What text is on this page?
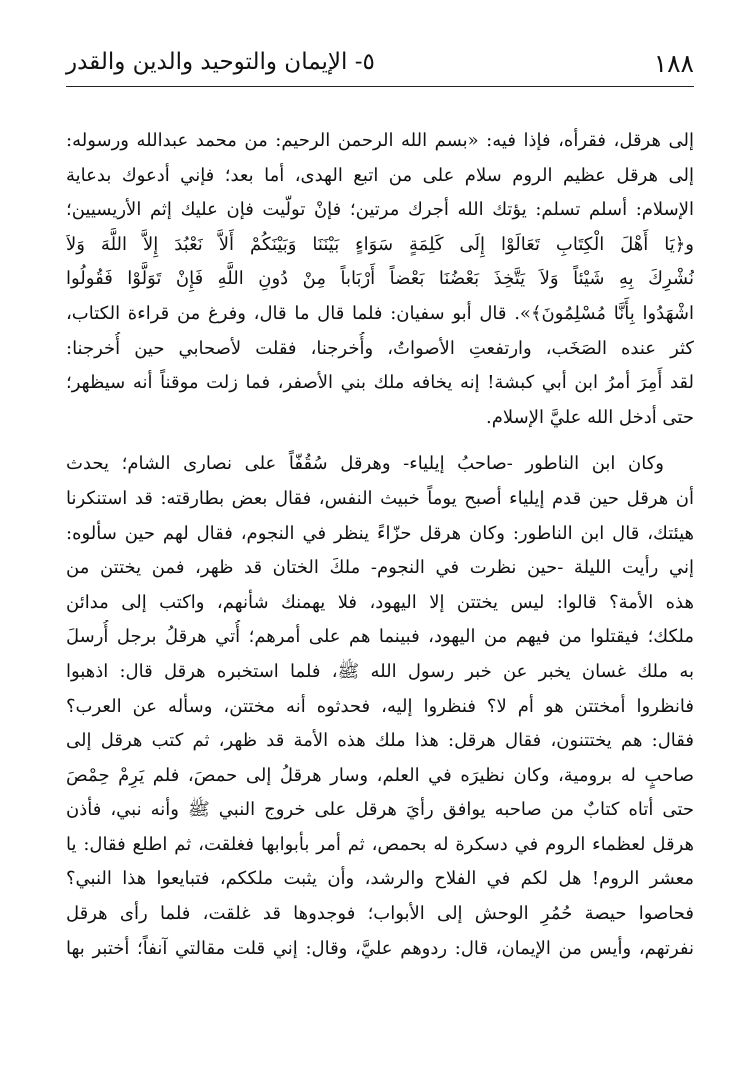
١٨٨
٥- الإيمان والتوحيد والدين والقدر
إلى هرقل، فقرأه، فإذا فيه: «بسم الله الرحمن الرحيم: من محمد عبدالله ورسوله:
إلى هرقل عظيم الروم سلام على من اتبع الهدى، أما بعد؛ فإني أدعوك بدعاية
الإسلام: أسلم تسلم: يؤتك الله أجرك مرتين؛ فإنْ تولّيت فإن عليك إثم الأريسيين؛
و﴿يَا أَهْلَ الْكِتَابِ تَعَالَوْا إِلَى كَلِمَةٍ سَوَاءٍ بَيْنَنَا وَبَيْنَكُمْ أَلاَّ نَعْبُدَ إِلاَّ اللَّهَ وَلاَ
نُشْرِكَ بِهِ شَيْئاً وَلاَ يَتَّخِذَ بَعْضُنَا بَعْضاً أَرْبَاباً مِنْ دُونِ اللَّهِ فَإِنْ تَوَلَّوْا فَقُولُوا
اشْهَدُوا بِأَنَّا مُسْلِمُونَ﴾». قال أبو سفيان: فلما قال ما قال، وفرغ من قراءة الكتاب،
كثر عنده الصَخَب، وارتفعتِ الأصواتُ، وأُخرجنا، فقلت لأصحابي حين أُخرجنا:
لقد أَمِرَ أمرُ ابن أبي كبشة! إنه يخافه ملك بني الأصفر، فما زلت موقناً أنه سيظهر؛
حتى أدخل الله عليَّ الإسلام.
وكان ابن الناطور -صاحبُ إيلياء- وهرقل سُقُفّاً على نصارى الشام؛ يحدث
أن هرقل حين قدم إيلياء أصبح يوماً خبيث النفس، فقال بعض بطارقته: قد استنكرنا
هيئتك، قال ابن الناطور: وكان هرقل حزّاءً ينظر في النجوم، فقال لهم حين سألوه:
إني رأيت الليلة -حين نظرت في النجوم- ملكَ الختان قد ظهر، فمن يختتن من
هذه الأمة؟ قالوا: ليس يختتن إلا اليهود، فلا يهمنك شأنهم، واكتب إلى مدائن
ملكك؛ فيقتلوا من فيهم من اليهود، فبينما هم على أمرهم؛ أُتي هرقلُ برجل أُرسلَ
به ملك غسان يخبر عن خبر رسول الله ﷺ، فلما استخبره هرقل قال: اذهبوا
فانظروا أمختتن هو أم لا؟ فنظروا إليه، فحدثوه أنه مختتن، وسأله عن العرب؟
فقال: هم يختتنون، فقال هرقل: هذا ملك هذه الأمة قد ظهر، ثم كتب هرقل إلى
صاحبٍ له برومية، وكان نظيرَه في العلم، وسار هرقلُ إلى حمصَ، فلم يَرِمْ حِمْصَ
حتى أتاه كتابٌ من صاحبه يوافق رأيَ هرقل على خروج النبي ﷺ وأنه نبي، فأذن
هرقل لعظماء الروم في دسكرة له بحمص، ثم أمر بأبوابها فغلقت، ثم اطلع فقال: يا
معشر الروم! هل لكم في الفلاح والرشد، وأن يثبت ملككم، فتبايعوا هذا النبي؟
فحاصوا حيصة حُمُرِ الوحش إلى الأبواب؛ فوجدوها قد غلقت، فلما رأى هرقل
نفرتهم، وأيس من الإيمان، قال: ردوهم عليَّ، وقال: إني قلت مقالتي آنفاً؛ أختبر بها
